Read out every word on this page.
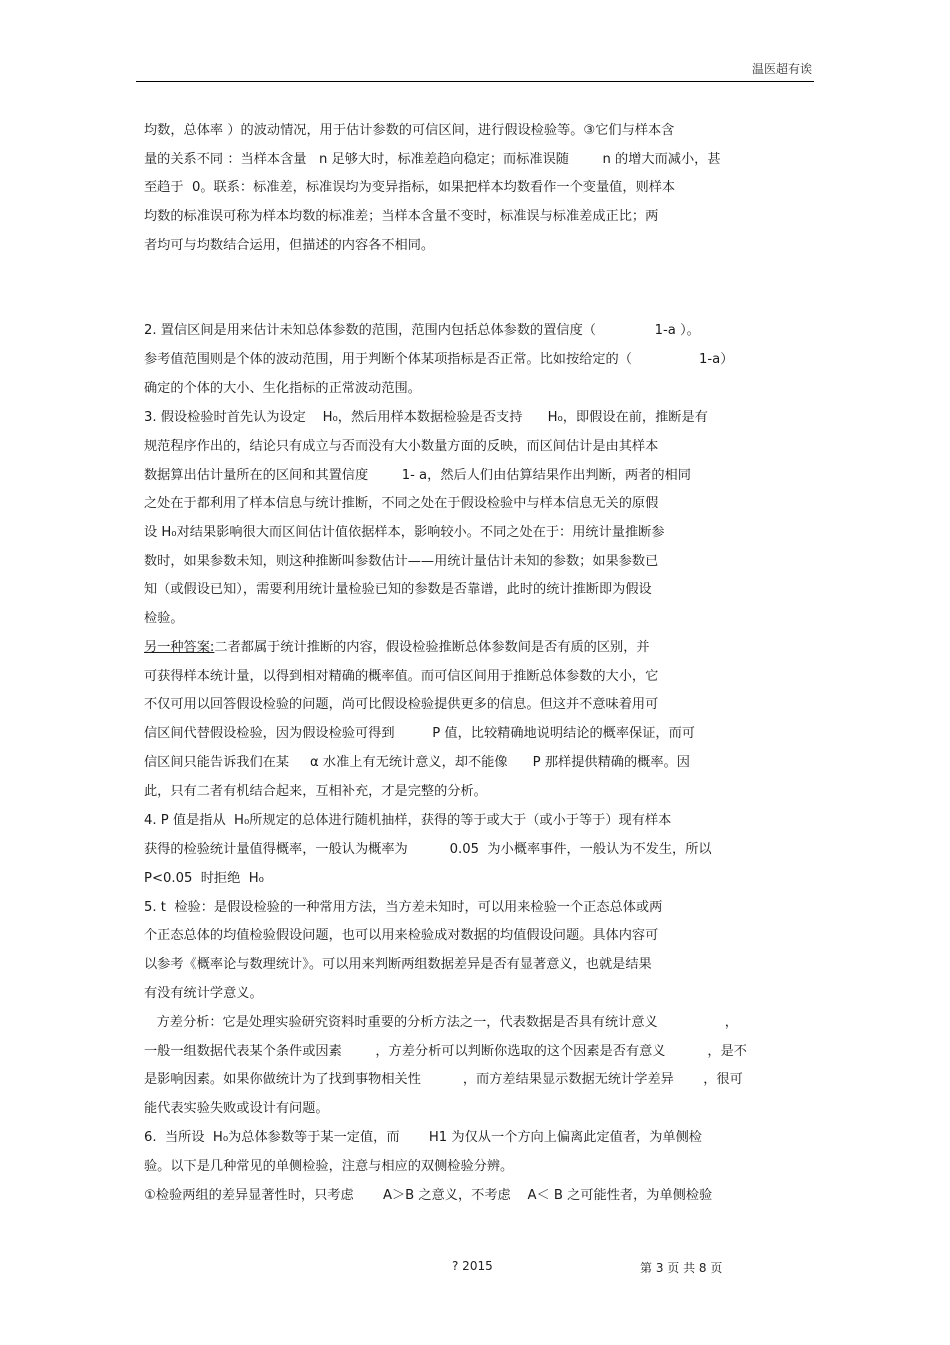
温医超有诶
均数，总体率 ）的波动情况，用于估计参数的可信区间，进行假设检验等。③它们与样本含
量的关系不同 ：当样本含量   n 足够大时，标准差趋向稳定；而标准误随        n 的增大而减小，甚
至趋于  0。联系：标准差，标准误均为变异指标，如果把样本均数看作一个变量值，则样本
均数的标准误可称为样本均数的标准差；当样本含量不变时，标准误与标准差成正比；两
者均可与均数结合运用，但描述的内容各不相同。
2. 置信区间是用来估计未知总体参数的范围，范围内包括总体参数的置信度（              1-a ）。
参考值范围则是个体的波动范围，用于判断个体某项指标是否正常。比如按给定的（                1-a）
确定的个体的大小、生化指标的正常波动范围。
3. 假设检验时首先认为设定    H₀，然后用样本数据检验是否支持      H₀，即假设在前，推断是有
规范程序作出的，结论只有成立与否而没有大小数量方面的反映，而区间估计是由其样本
数据算出估计量所在的区间和其置信度        1- a，然后人们由估算结果作出判断，两者的相同
之处在于都利用了样本信息与统计推断，不同之处在于假设检验中与样本信息无关的原假
设 H₀对结果影响很大而区间估计值依据样本，影响较小。不同之处在于：用统计量推断参
数时，如果参数未知，则这种推断叫参数估计——用统计量估计未知的参数；如果参数已
知（或假设已知），需要利用统计量检验已知的参数是否靠谱，此时的统计推断即为假设
检验。
另一种答案:二者都属于统计推断的内容，假设检验推断总体参数间是否有质的区别，并
可获得样本统计量，以得到相对精确的概率值。而可信区间用于推断总体参数的大小，它
不仅可用以回答假设检验的问题，尚可比假设检验提供更多的信息。但这并不意味着用可
信区间代替假设检验，因为假设检验可得到         P 值，比较精确地说明结论的概率保证，而可
信区间只能告诉我们在某     α 水准上有无统计意义，却不能像      P 那样提供精确的概率。因
此，只有二者有机结合起来，互相补充，才是完整的分析。
4. P 值是指从  H₀所规定的总体进行随机抽样，获得的等于或大于（或小于等于）现有样本
获得的检验统计量值得概率，一般认为概率为          0.05  为小概率事件，一般认为不发生，所以
P<0.05  时拒绝  H₀
5. t  检验：是假设检验的一种常用方法，当方差未知时，可以用来检验一个正态总体或两
个正态总体的均值检验假设问题，也可以用来检验成对数据的均值假设问题。具体内容可
以参考《概率论与数理统计》。可以用来判断两组数据差异是否有显著意义，也就是结果
有没有统计学意义。
方差分析：它是处理实验研究资料时重要的分析方法之一，代表数据是否具有统计意义                ，
一般一组数据代表某个条件或因素        ，方差分析可以判断你选取的这个因素是否有意义          ，是不
是影响因素。如果你做统计为了找到事物相关性          ，而方差结果显示数据无统计学差异       ，很可
能代表实验失败或设计有问题。
6.  当所设  H₀为总体参数等于某一定值，而       H1 为仅从一个方向上偏离此定值者，为单侧检
验。以下是几种常见的单侧检验，注意与相应的双侧检验分辨。
①检验两组的差异显著性时，只考虑       A＞B 之意义，不考虑    A＜ B 之可能性者，为单侧检验
? 2015	第 3 页 共 8 页
